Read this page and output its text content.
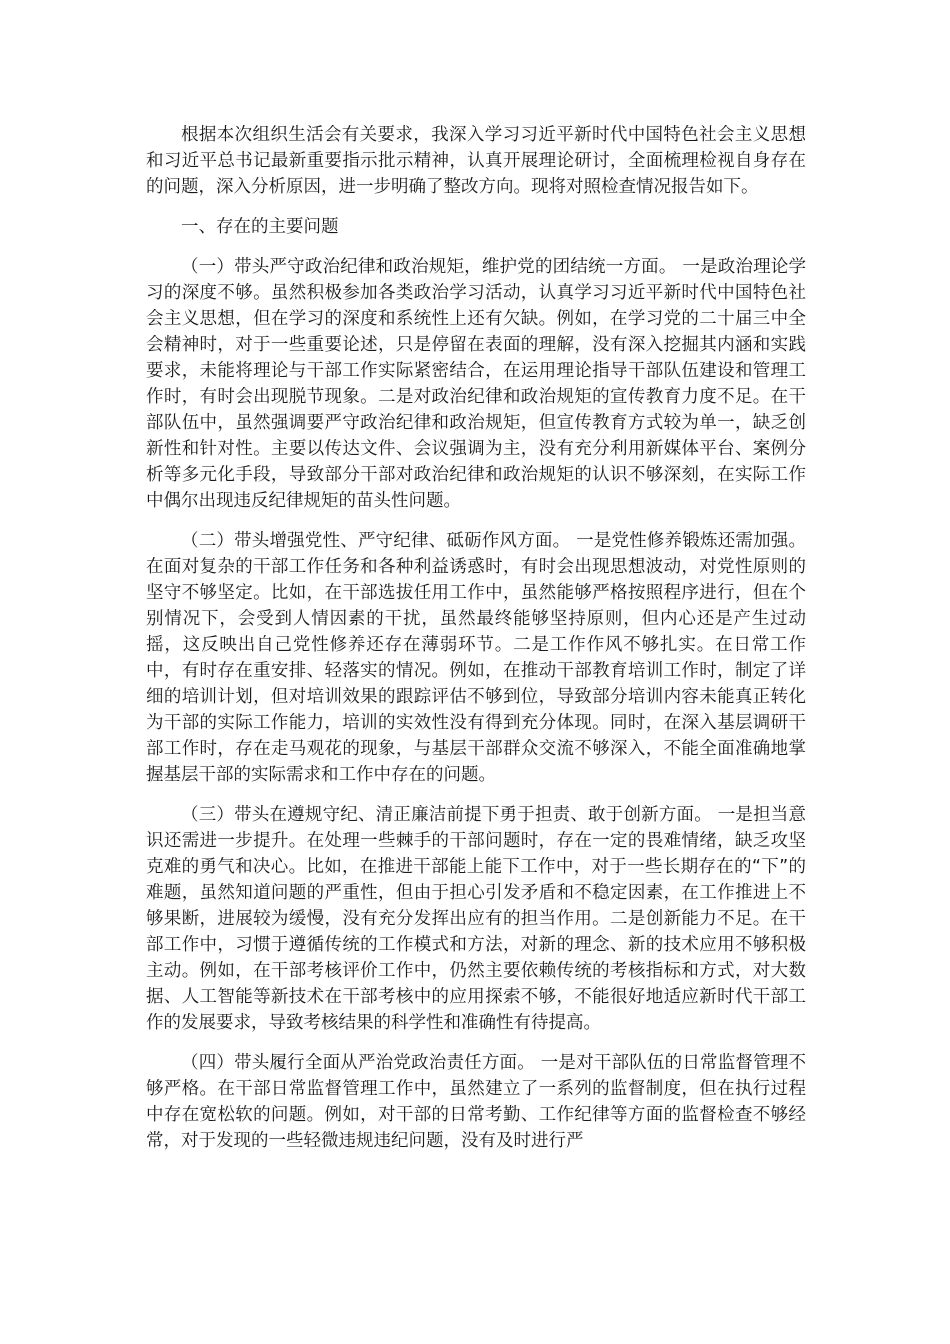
根据本次组织生活会有关要求，我深入学习习近平新时代中国特色社会主义思想和习近平总书记最新重要指示批示精神，认真开展理论研讨，全面梳理检视自身存在的问题，深入分析原因，进一步明确了整改方向。现将对照检查情况报告如下。

一、存在的主要问题

（一）带头严守政治纪律和政治规矩，维护党的团结统一方面。 一是政治理论学习的深度不够。虽然积极参加各类政治学习活动，认真学习习近平新时代中国特色社会主义思想，但在学习的深度和系统性上还有欠缺。例如，在学习党的二十届三中全会精神时，对于一些重要论述，只是停留在表面的理解，没有深入挖掘其内涵和实践要求，未能将理论与干部工作实际紧密结合，在运用理论指导干部队伍建设和管理工作时，有时会出现脱节现象。二是对政治纪律和政治规矩的宣传教育力度不足。在干部队伍中，虽然强调要严守政治纪律和政治规矩，但宣传教育方式较为单一，缺乏创新性和针对性。主要以传达文件、会议强调为主，没有充分利用新媒体平台、案例分析等多元化手段，导致部分干部对政治纪律和政治规矩的认识不够深刻，在实际工作中偶尔出现违反纪律规矩的苗头性问题。

（二）带头增强党性、严守纪律、砥砺作风方面。 一是党性修养锻炼还需加强。在面对复杂的干部工作任务和各种利益诱惑时，有时会出现思想波动，对党性原则的坚守不够坚定。比如，在干部选拔任用工作中，虽然能够严格按照程序进行，但在个别情况下，会受到人情因素的干扰，虽然最终能够坚持原则，但内心还是产生过动摇，这反映出自己党性修养还存在薄弱环节。二是工作作风不够扎实。在日常工作中，有时存在重安排、轻落实的情况。例如，在推动干部教育培训工作时，制定了详细的培训计划，但对培训效果的跟踪评估不够到位，导致部分培训内容未能真正转化为干部的实际工作能力，培训的实效性没有得到充分体现。同时，在深入基层调研干部工作时，存在走马观花的现象，与基层干部群众交流不够深入，不能全面准确地掌握基层干部的实际需求和工作中存在的问题。

（三）带头在遵规守纪、清正廉洁前提下勇于担责、敢于创新方面。 一是担当意识还需进一步提升。在处理一些棘手的干部问题时，存在一定的畏难情绪，缺乏攻坚克难的勇气和决心。比如，在推进干部能上能下工作中，对于一些长期存在的“下”的难题，虽然知道问题的严重性，但由于担心引发矛盾和不稳定因素，在工作推进上不够果断，进展较为缓慢，没有充分发挥出应有的担当作用。二是创新能力不足。在干部工作中，习惯于遵循传统的工作模式和方法，对新的理念、新的技术应用不够积极主动。例如，在干部考核评价工作中，仍然主要依赖传统的考核指标和方式，对大数据、人工智能等新技术在干部考核中的应用探索不够，不能很好地适应新时代干部工作的发展要求，导致考核结果的科学性和准确性有待提高。

（四）带头履行全面从严治党政治责任方面。 一是对干部队伍的日常监督管理不够严格。在干部日常监督管理工作中，虽然建立了一系列的监督制度，但在执行过程中存在宽松软的问题。例如，对干部的日常考勤、工作纪律等方面的监督检查不够经常，对于发现的一些轻微违规违纪问题，没有及时进行严
